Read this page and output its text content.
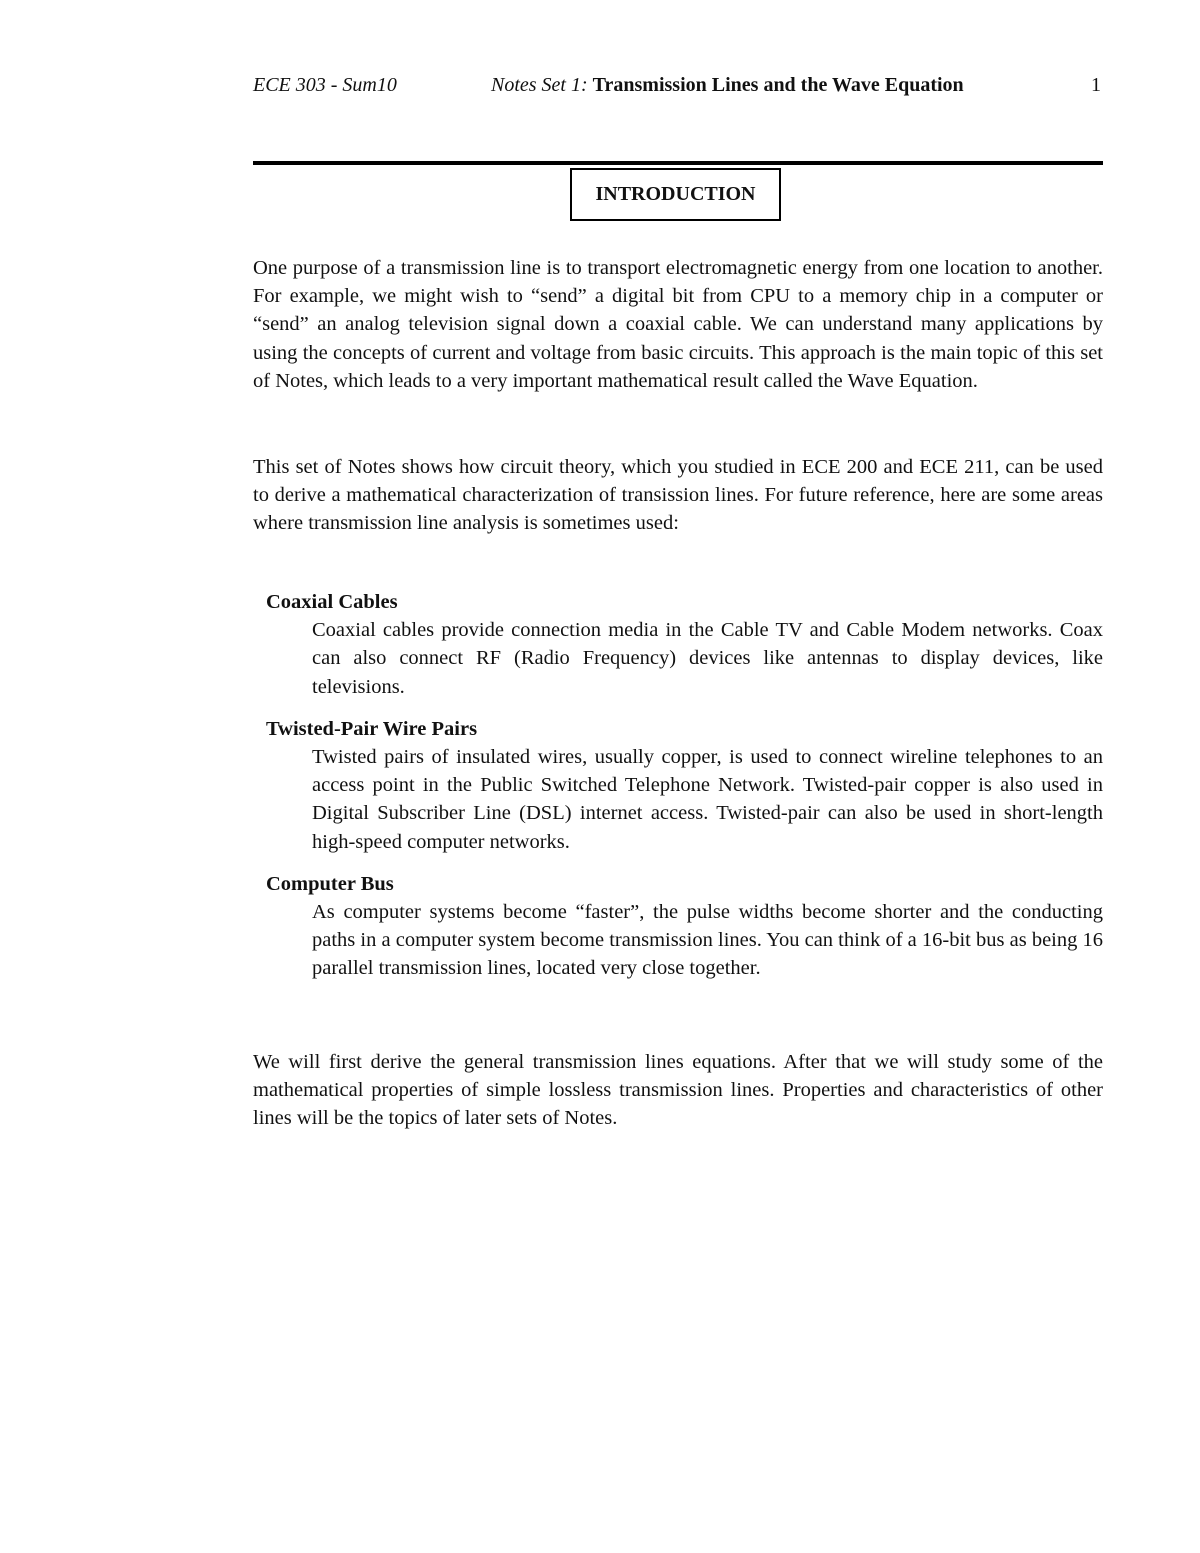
ECE 303 - Sum10	Notes Set 1: Transmission Lines and the Wave Equation	1
INTRODUCTION

One purpose of a transmission line is to transport electromagnetic energy from one location to another. For example, we might wish to “send” a digital bit from CPU to a memory chip in a computer or “send” an analog television signal down a coaxial cable. We can understand many applications by using the concepts of current and voltage from basic circuits. This approach is the main topic of this set of Notes, which leads to a very important mathematical result called the Wave Equation.

This set of Notes shows how circuit theory, which you studied in ECE 200 and ECE 211, can be used to derive a mathematical characterization of transission lines. For future reference, here are some areas where transmission line analysis is sometimes used:

Coaxial Cables

Coaxial cables provide connection media in the Cable TV and Cable Modem networks. Coax can also connect RF (Radio Frequency) devices like antennas to display devices, like televisions.

Twisted-Pair Wire Pairs

Twisted pairs of insulated wires, usually copper, is used to connect wireline telephones to an access point in the Public Switched Telephone Network. Twisted-pair copper is also used in Digital Subscriber Line (DSL) internet access. Twisted-pair can also be used in short-length high-speed computer networks.

Computer Bus

As computer systems become “faster”, the pulse widths become shorter and the conducting paths in a computer system become transmission lines. You can think of a 16-bit bus as being 16 parallel transmission lines, located very close together.

We will first derive the general transmission lines equations. After that we will study some of the mathematical properties of simple lossless transmission lines. Properties and characteristics of other lines will be the topics of later sets of Notes.
